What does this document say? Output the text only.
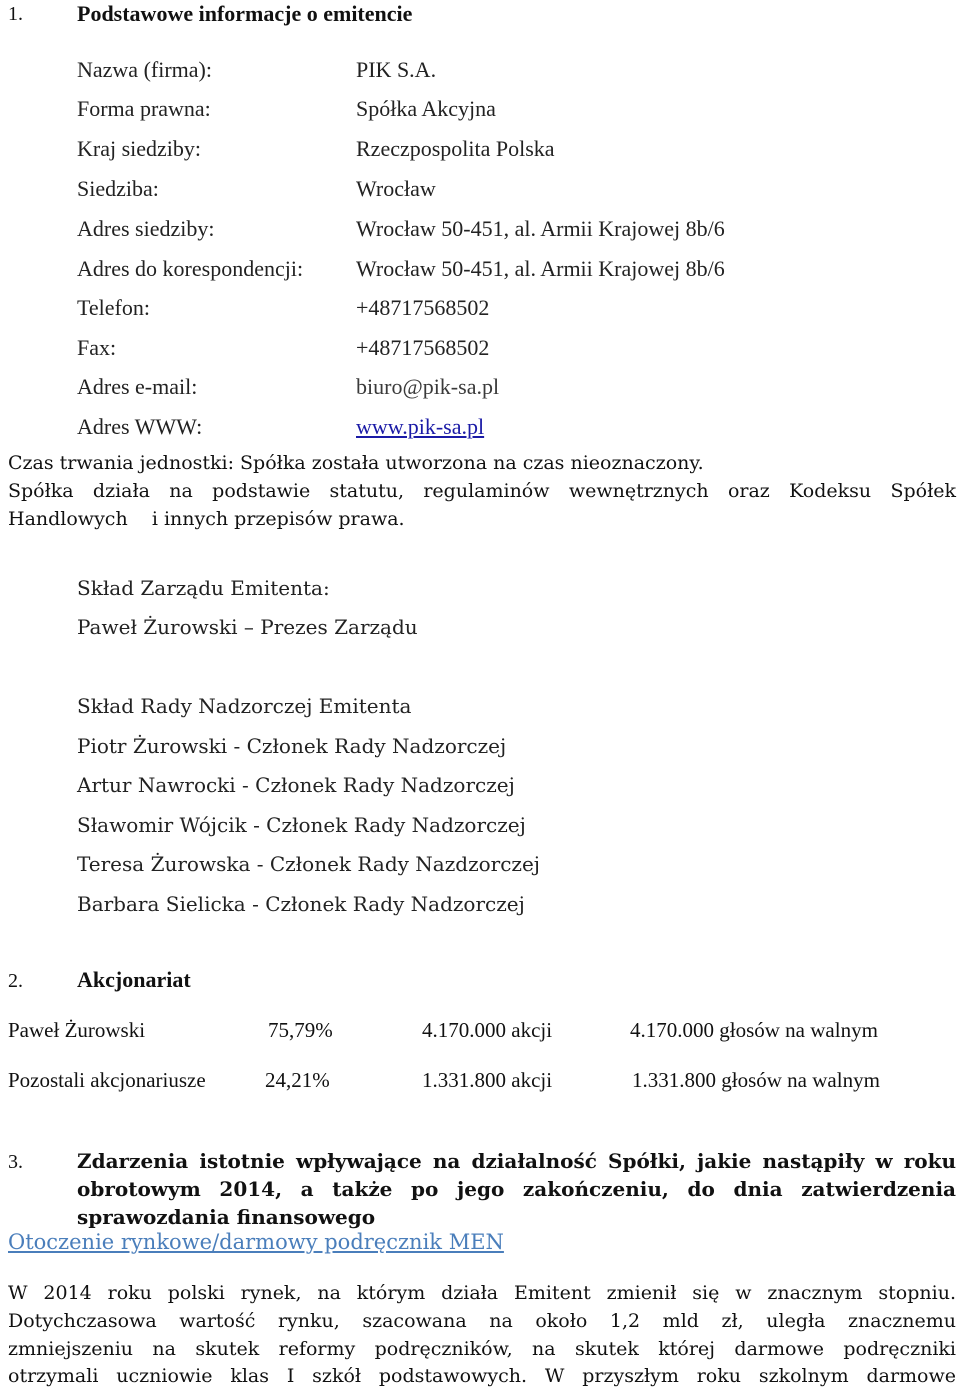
1. Podstawowe informacje o emitencie
Nazwa (firma):	PIK S.A.
Forma prawna:	Spółka Akcyjna
Kraj siedziby:	Rzeczpospolita Polska
Siedziba:	Wrocław
Adres siedziby:	Wrocław 50-451, al. Armii Krajowej 8b/6
Adres do korespondencji: Wrocław 50-451, al. Armii Krajowej 8b/6
Telefon:	+48717568502
Fax:	+48717568502
Adres e-mail:	biuro@pik-sa.pl
Adres WWW:	www.pik-sa.pl
Czas trwania jednostki: Spółka została utworzona na czas nieoznaczony.
Spółka działa na podstawie statutu, regulaminów wewnętrznych oraz Kodeksu Spółek
Handlowych    i innych przepisów prawa.
Skład Zarządu Emitenta:
Paweł Żurowski – Prezes Zarządu
Skład Rady Nadzorczej Emitenta
Piotr Żurowski - Członek Rady Nadzorczej
Artur Nawrocki - Członek Rady Nadzorczej
Sławomir Wójcik - Członek Rady Nadzorczej
Teresa Żurowska - Członek Rady Nazdzorczej
Barbara Sielicka - Członek Rady Nadzorczej
2. Akcjonariat
Paweł Żurowski	75,79%	4.170.000 akcji	4.170.000 głosów na walnym
Pozostali akcjonariusze	24,21%	1.331.800 akcji	1.331.800 głosów na walnym
3.	Zdarzenia istotnie wpływające na działalność Spółki, jakie nastąpiły w roku
obrotowym 2014, a także po jego zakończeniu, do dnia zatwierdzenia
sprawozdania finansowego
Otoczenie rynkowe/darmowy podręcznik MEN
W 2014 roku polski rynek, na którym działa Emitent zmienił się w znacznym stopniu.
Dotychczasowa wartość rynku, szacowana na około 1,2 mld zł, uległa znacznemu
zmniejszeniu na skutek reformy podręczników, na skutek której darmowe podręczniki
otrzymali uczniowie klas I szkół podstawowych. W przyszłym roku szkolnym darmowe
